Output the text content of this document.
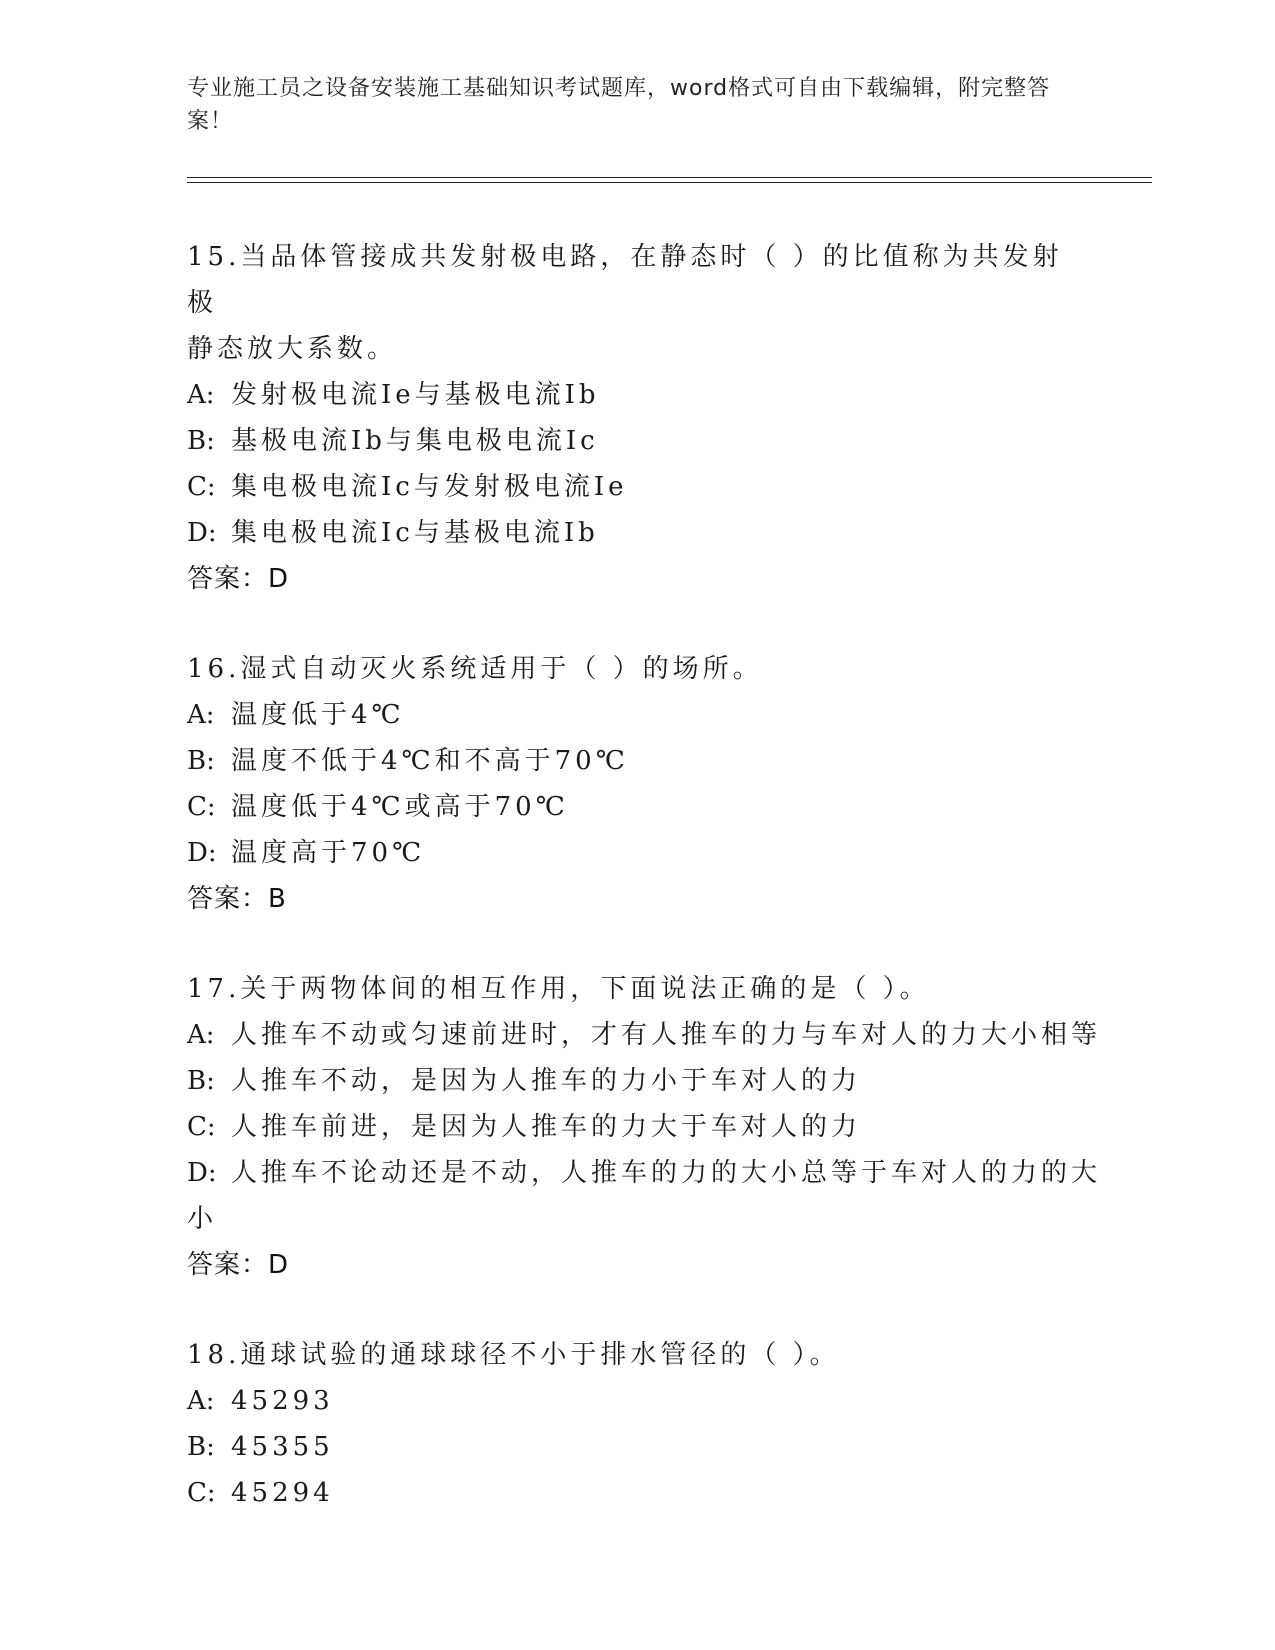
专业施工员之设备安装施工基础知识考试题库，word格式可自由下载编辑，附完整答案！
15.当品体管接成共发射极电路，在静态时（ ）的比值称为共发射极
静态放大系数。
A: 发射极电流Ie与基极电流Ib
B: 基极电流Ib与集电极电流Ic
C: 集电极电流Ic与发射极电流Ie
D: 集电极电流Ic与基极电流Ib
答案：D
16.湿式自动灭火系统适用于（ ）的场所。
A: 温度低于4℃
B: 温度不低于4℃和不高于70℃
C: 温度低于4℃或高于70℃
D: 温度高于70℃
答案：B
17.关于两物体间的相互作用，下面说法正确的是（ ）。
A: 人推车不动或匀速前进时，才有人推车的力与车对人的力大小相等
B: 人推车不动，是因为人推车的力小于车对人的力
C: 人推车前进，是因为人推车的力大于车对人的力
D: 人推车不论动还是不动，人推车的力的大小总等于车对人的力的大
小
答案：D
18.通球试验的通球球径不小于排水管径的（ ）。
A: 45293
B: 45355
C: 45294
